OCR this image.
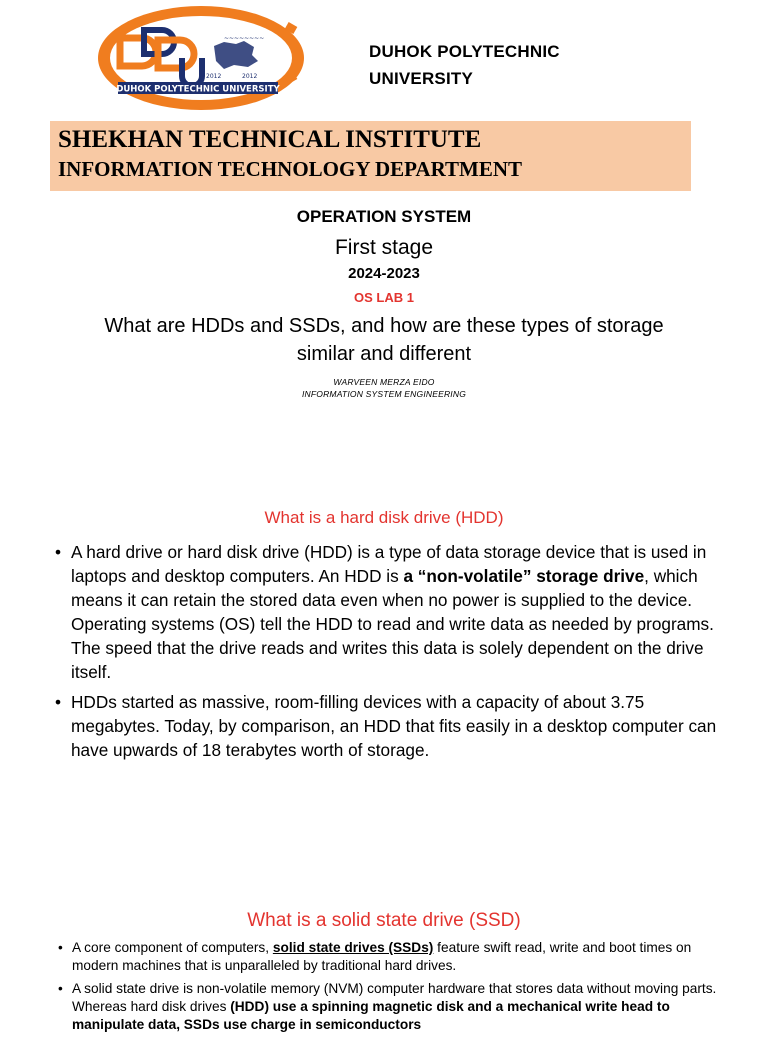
~~~~~~~~
2012	2012
DUHOK POLYTECHNIC UNIVERSITY
DUHOK POLYTECHNIC
UNIVERSITY
SHEKHAN TECHNICAL INSTITUTE
INFORMATION TECHNOLOGY DEPARTMENT
OPERATION SYSTEM
First stage
2024-2023
OS LAB 1
What are HDDs and SSDs, and how are these types of storage similar and different
WARVEEN MERZA EIDO
INFORMATION SYSTEM ENGINEERING
What is a hard disk drive (HDD)
• A hard drive or hard disk drive (HDD) is a type of data storage device that is used in laptops and desktop computers. An HDD is a “non-volatile” storage drive, which means it can retain the stored data even when no power is supplied to the device. Operating systems (OS) tell the HDD to read and write data as needed by programs. The speed that the drive reads and writes this data is solely dependent on the drive itself.
• HDDs started as massive, room-filling devices with a capacity of about 3.75 megabytes. Today, by comparison, an HDD that fits easily in a desktop computer can have upwards of 18 terabytes worth of storage.
What is a solid state drive (SSD)
• A core component of computers, solid state drives (SSDs) feature swift read, write and boot times on modern machines that is unparalleled by traditional hard drives.
• A solid state drive is non-volatile memory (NVM) computer hardware that stores data without moving parts. Whereas hard disk drives (HDD) use a spinning magnetic disk and a mechanical write head to manipulate data, SSDs use charge in semiconductors
